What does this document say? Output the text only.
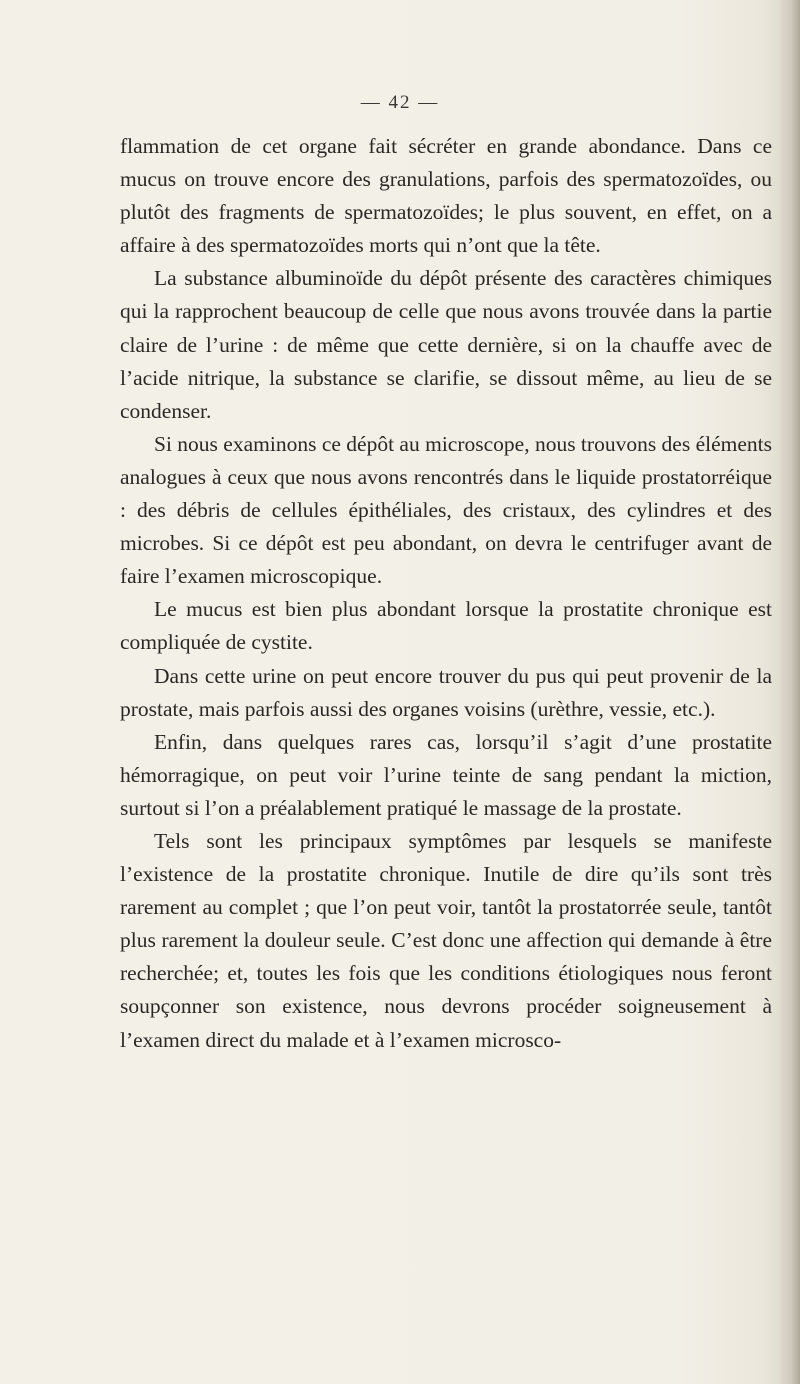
— 42 —

flammation de cet organe fait sécréter en grande abondance. Dans ce mucus on trouve encore des granulations, parfois des spermatozoïdes, ou plutôt des fragments de spermatozoïdes; le plus souvent, en effet, on a affaire à des spermatozoïdes morts qui n’ont que la tête.

La substance albuminoïde du dépôt présente des caractères chimiques qui la rapprochent beaucoup de celle que nous avons trouvée dans la partie claire de l’urine : de même que cette dernière, si on la chauffe avec de l’acide nitrique, la substance se clarifie, se dissout même, au lieu de se condenser.

Si nous examinons ce dépôt au microscope, nous trouvons des éléments analogues à ceux que nous avons rencontrés dans le liquide prostatorréique : des débris de cellules épithéliales, des cristaux, des cylindres et des microbes. Si ce dépôt est peu abondant, on devra le centrifuger avant de faire l’examen microscopique.

Le mucus est bien plus abondant lorsque la prostatite chronique est compliquée de cystite.

Dans cette urine on peut encore trouver du pus qui peut provenir de la prostate, mais parfois aussi des organes voisins (urèthre, vessie, etc.).

Enfin, dans quelques rares cas, lorsqu’il s’agit d’une prostatite hémorragique, on peut voir l’urine teinte de sang pendant la miction, surtout si l’on a préalablement pratiqué le massage de la prostate.

Tels sont les principaux symptômes par lesquels se manifeste l’existence de la prostatite chronique. Inutile de dire qu’ils sont très rarement au complet ; que l’on peut voir, tantôt la prostatorrée seule, tantôt plus rarement la douleur seule. C’est donc une affection qui demande à être recherchée; et, toutes les fois que les conditions étiologiques nous feront soupçonner son existence, nous devrons procéder soigneusement à l’examen direct du malade et à l’examen microsco-
